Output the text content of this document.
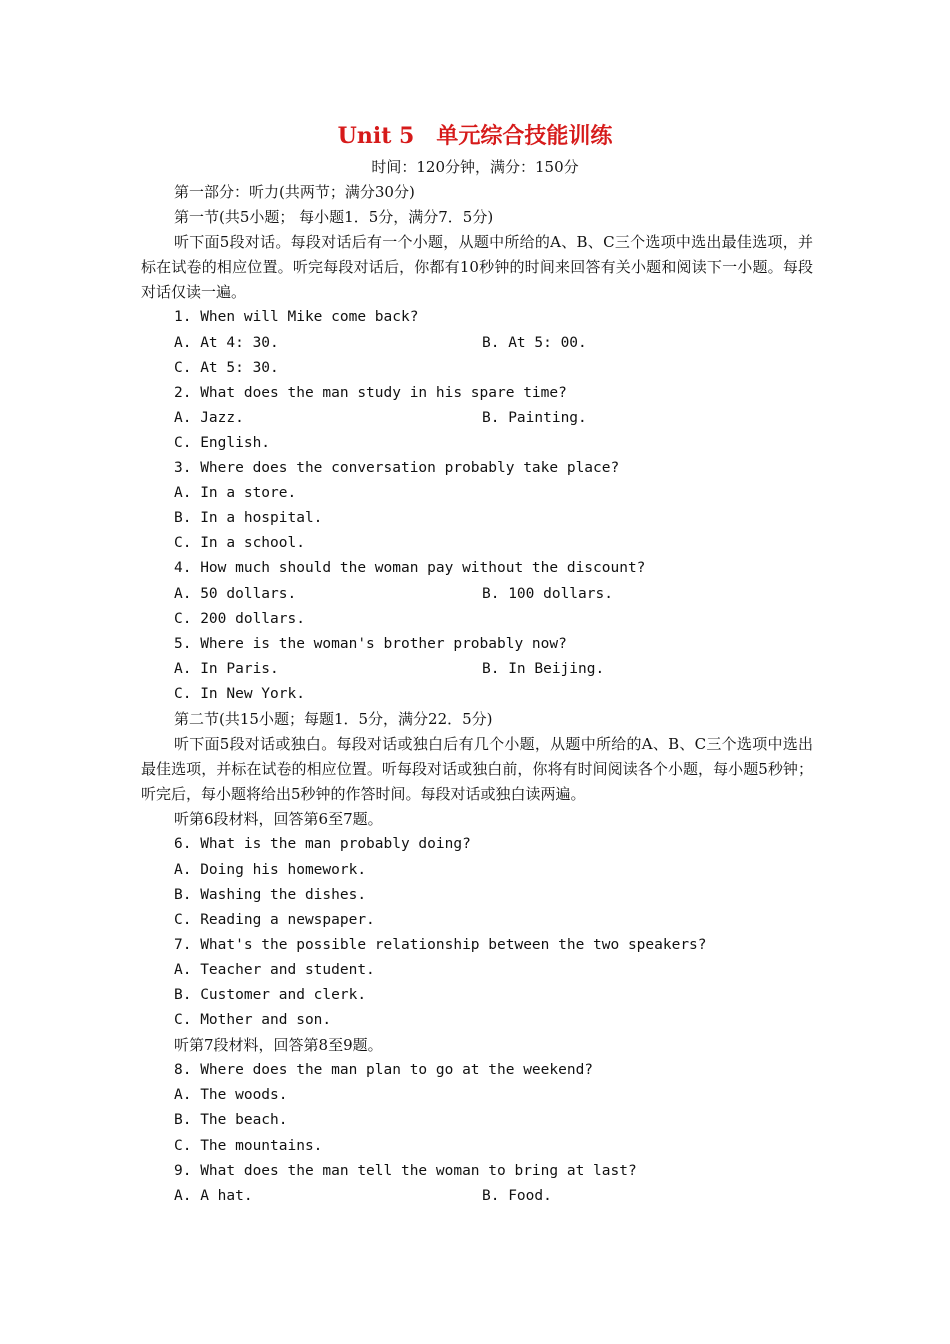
Unit 5　单元综合技能训练
时间：120分钟，满分：150分
第一部分：听力(共两节；满分30分)
第一节(共5小题； 每小题1．5分，满分7．5分)
听下面5段对话。每段对话后有一个小题，从题中所给的A、B、C三个选项中选出最佳选项，并标在试卷的相应位置。听完每段对话后，你都有10秒钟的时间来回答有关小题和阅读下一小题。每段对话仅读一遍。
1. When will Mike come back?
A. At 4: 30.	B. At 5: 00.
C. At 5: 30.
2. What does the man study in his spare time?
A. Jazz.	B. Painting.
C. English.
3. Where does the conversation probably take place?
A. In a store.
B. In a hospital.
C. In a school.
4. How much should the woman pay without the discount?
A. 50 dollars.	B. 100 dollars.
C. 200 dollars.
5. Where is the woman's brother probably now?
A. In Paris.	B. In Beijing.
C. In New York.
第二节(共15小题；每题1．5分，满分22．5分)
听下面5段对话或独白。每段对话或独白后有几个小题，从题中所给的A、B、C三个选项中选出最佳选项，并标在试卷的相应位置。听每段对话或独白前，你将有时间阅读各个小题，每小题5秒钟；听完后，每小题将给出5秒钟的作答时间。每段对话或独白读两遍。
听第6段材料，回答第6至7题。
6. What is the man probably doing?
A. Doing his homework.
B. Washing the dishes.
C. Reading a newspaper.
7. What's the possible relationship between the two speakers?
A. Teacher and student.
B. Customer and clerk.
C. Mother and son.
听第7段材料，回答第8至9题。
8. Where does the man plan to go at the weekend?
A. The woods.
B. The beach.
C. The mountains.
9. What does the man tell the woman to bring at last?
A. A hat.	B. Food.
